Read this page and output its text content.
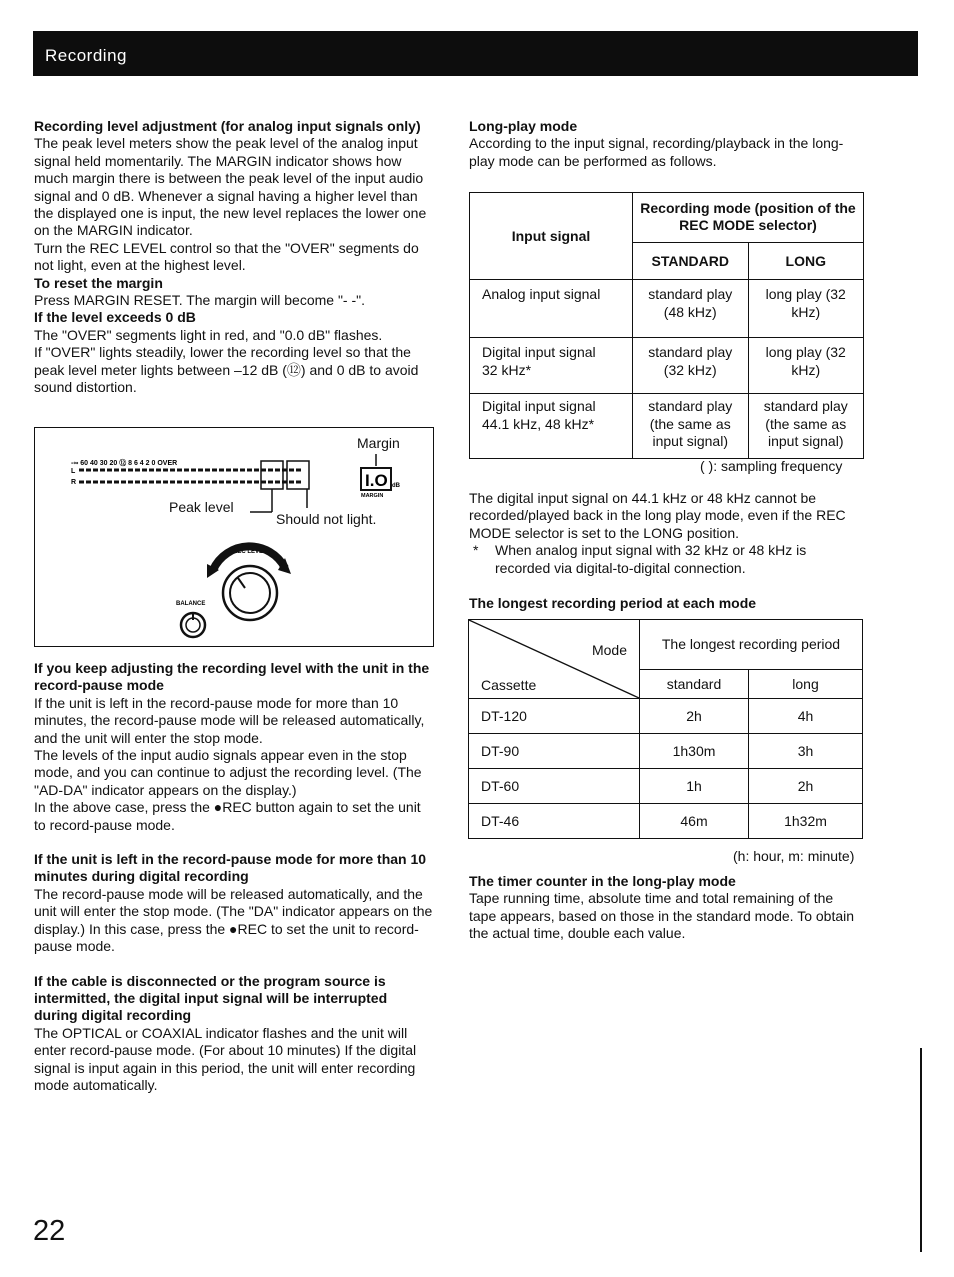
Recording

Recording level adjustment (for analog input signals only)

The peak level meters show the peak level of the analog input signal held momentarily. The MARGIN indicator shows how much margin there is between the peak level of the input audio signal and 0 dB. Whenever a signal having a higher level than the displayed one is input, the new level replaces the lower one on the MARGIN indicator.

Turn the REC LEVEL control so that the "OVER" segments do not light, even at the highest level.

To reset the margin

Press MARGIN RESET. The margin will become "- -".

If the level exceeds 0 dB

The "OVER" segments light in red, and "0.0 dB" flashes.

If "OVER" lights steadily, lower the recording level so that the peak level meter lights between –12 dB (⑫) and 0 dB to avoid sound distortion.

-∞ 60 40 30 20 ⑫ 8 6 4 2 0 OVER
L
R	I.O dB
MARGIN
REC LEVEL
BALANCE
Margin
Peak level
Should not light.

If you keep adjusting the recording level with the unit in the record-pause mode

If the unit is left in the record-pause mode for more than 10 minutes, the record-pause mode will be released automatically, and the unit will enter the stop mode.

The levels of the input audio signals appear even in the stop mode, and you can continue to adjust the recording level. (The "AD-DA" indicator appears on the display.)

In the above case, press the ●REC button again to set the unit to record-pause mode.

If the unit is left in the record-pause mode for more than 10 minutes during digital recording

The record-pause mode will be released automatically, and the unit will enter the stop mode. (The "DA" indicator appears on the display.) In this case, press the ●REC to set the unit to record-pause mode.

If the cable is disconnected or the program source is intermitted, the digital input signal will be interrupted during digital recording

The OPTICAL or COAXIAL indicator flashes and the unit will enter record-pause mode. (For about 10 minutes) If the digital signal is input again in this period, the unit will enter recording mode automatically.

Long-play mode

According to the input signal, recording/playback in the long-play mode can be performed as follows.

Input signal	Recording mode (position of the REC MODE selector)	
	STANDARD	LONG
Analog input signal	standard play (48 kHz)	long play (32 kHz)
Digital input signal 32 kHz*	standard play (32 kHz)	long play (32 kHz)
Digital input signal 44.1 kHz, 48 kHz*	standard play (the same as input signal)	standard play (the same as input signal)
( ): sampling frequency

The digital input signal on 44.1 kHz or 48 kHz cannot be recorded/played back in the long play mode, even if the REC MODE selector is set to the LONG position.

* When analog input signal with 32 kHz or 48 kHz is recorded via digital-to-digital connection.
The longest recording period at each mode
Mode
Cassette	The longest recording period	
	standard	long
DT-120	2h	4h
DT-90	1h30m	3h
DT-60	1h	2h
DT-46	46m	1h32m
(h: hour, m: minute)

The timer counter in the long-play mode

Tape running time, absolute time and total remaining of the tape appears, based on those in the standard mode. To obtain the actual time, double each value.

22
